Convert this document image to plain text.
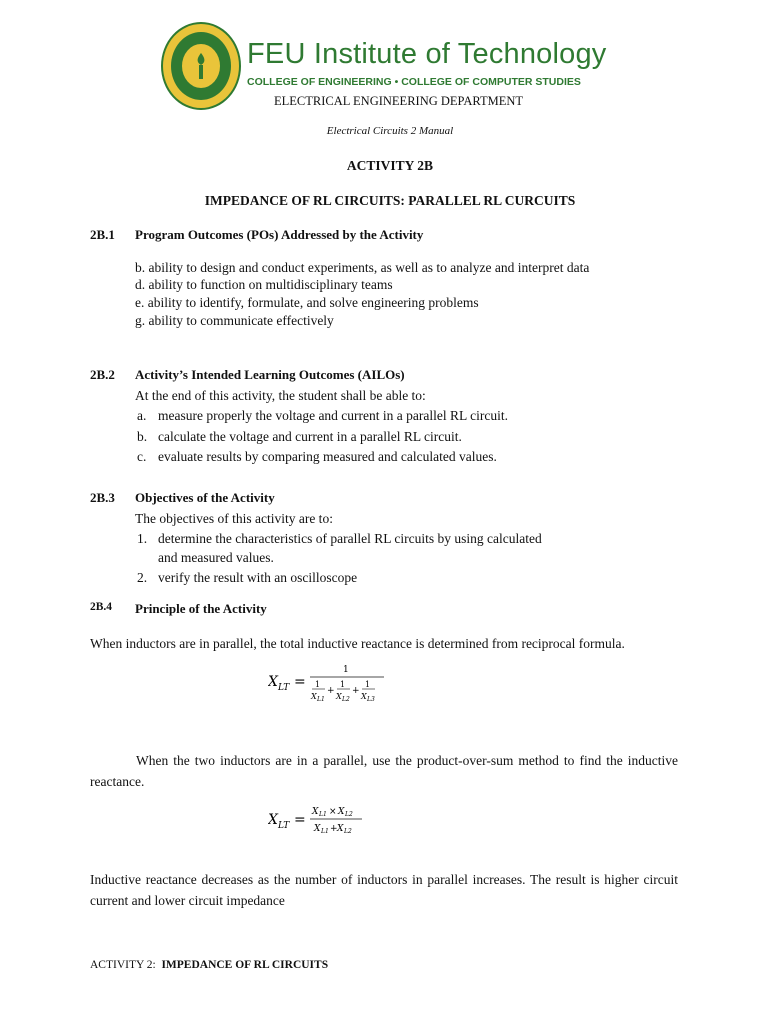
FEU Institute of Technology
COLLEGE OF ENGINEERING • COLLEGE OF COMPUTER STUDIES
ELECTRICAL ENGINEERING DEPARTMENT
Electrical Circuits 2 Manual
ACTIVITY 2B
IMPEDANCE OF RL CIRCUITS: PARALLEL RL CURCUITS
2B.1 Program Outcomes (POs) Addressed by the Activity
b. ability to design and conduct experiments, as well as to analyze and interpret data
d. ability to function on multidisciplinary teams
e. ability to identify, formulate, and solve engineering problems
g. ability to communicate effectively
2B.2 Activity’s Intended Learning Outcomes (AILOs)
At the end of this activity, the student shall be able to:
a. measure properly the voltage and current in a parallel RL circuit.
b. calculate the voltage and current in a parallel RL circuit.
c. evaluate results by comparing measured and calculated values.
2B.3 Objectives of the Activity
The objectives of this activity are to:
1. determine the characteristics of parallel RL circuits by using calculated
and measured values.
2. verify the result with an oscilloscope
2B.4 Principle of the Activity
When inductors are in parallel, the total inductive reactance is determined from reciprocal formula.
X LT =
1
1
X L1
+
1
X L2
+
1
X L3
When the two inductors are in a parallel, use the product-over-sum method to find the inductive reactance.
X LT = X L1 × X L2
X L1 + X L2
Inductive reactance decreases as the number of inductors in parallel increases. The result is higher circuit current and lower circuit impedance
ACTIVITY 2: IMPEDANCE OF RL CIRCUITS
